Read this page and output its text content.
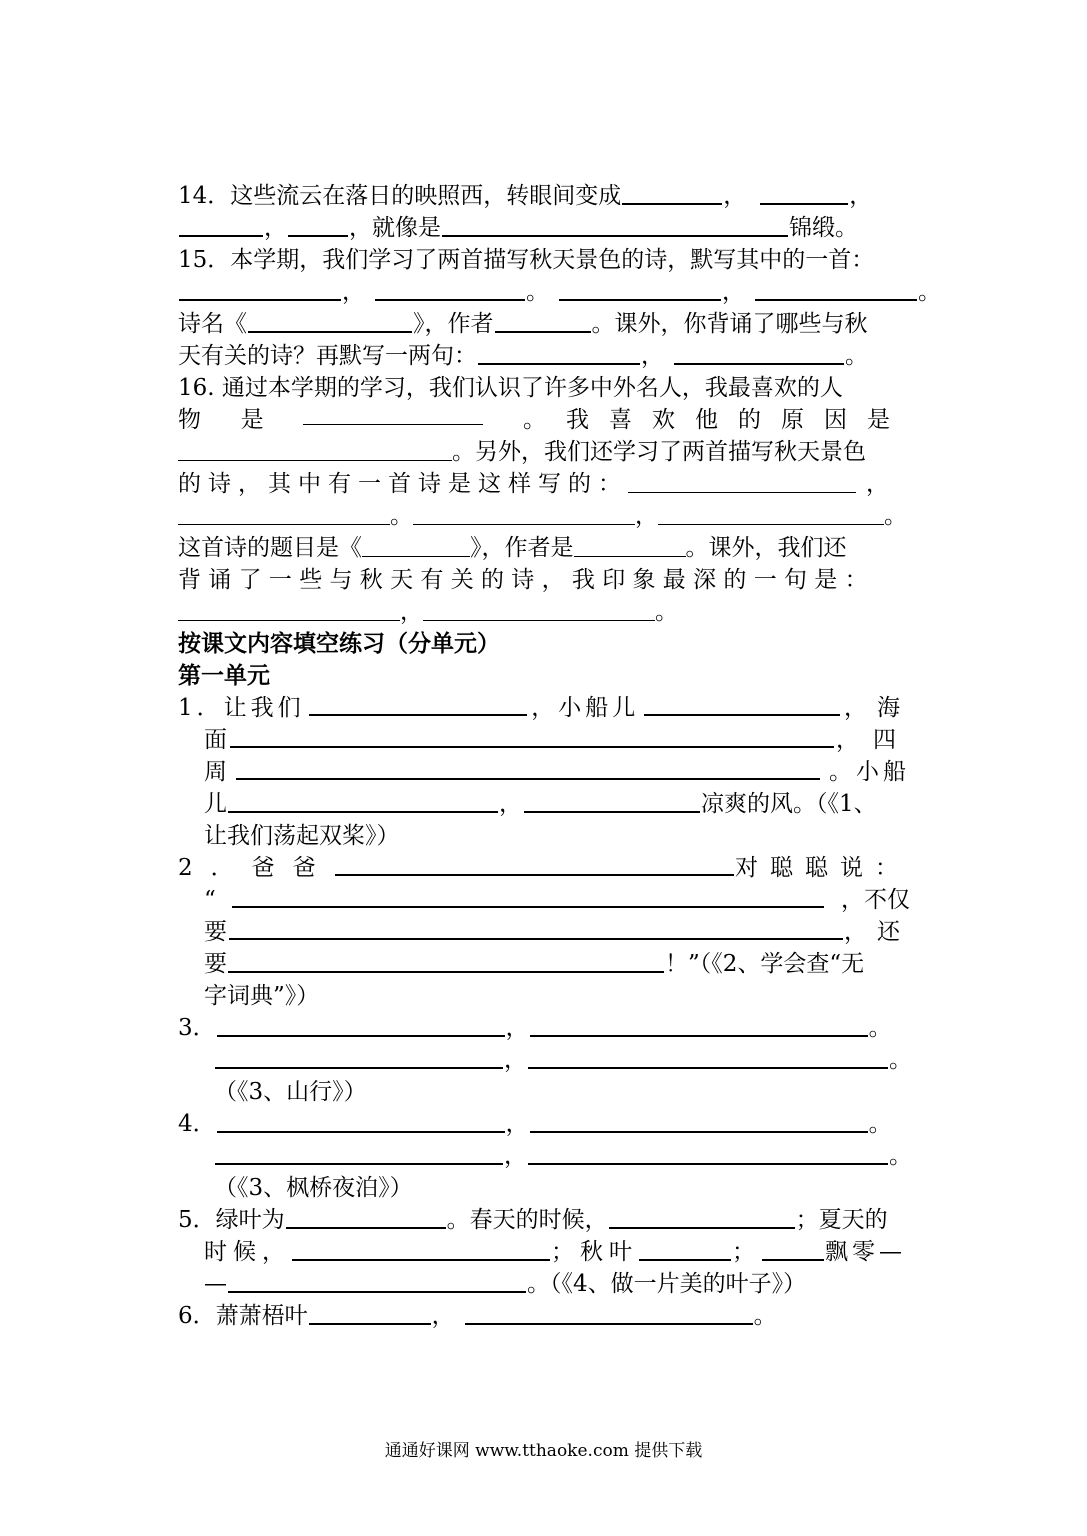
14．这些流云在落日的映照西，转眼间变成	，	，
，	，就像是	锦缎。
15．本学期，我们学习了两首描写秋天景色的诗，默写其中的一首：
，	。	，	。
诗名《	》，作者	。课外，你背诵了哪些与秋
天有关的诗？再默写一两句：	，	。
16. 通过本学期的学习，我们认识了许多中外名人，我最喜欢的人
物 是	。我喜欢他的原因是
。另外，我们还学习了两首描写秋天景色
的诗，其中有一首诗是这样写的：	，
。	，	。
这首诗的题目是《	》，作者是	。课外，我们还
背诵了一些与秋天有关的诗，我印象最深的一句是：
，	。
按课文内容填空练习（分单元）
第一单元
1．让我们	，小船儿	，海
面	，四
周	。小船
儿	，	凉爽的风。（《1、
让我们荡起双桨》）
2．爸爸	对聪聪说：
“	，不仅
要	，还
要	！”（《2、学会查“无
字词典”》）
3．	，	。
，	。
（《3、山行》）
4．	，	。
，	。
（《3、枫桥夜泊》）
5．绿叶为	。春天的时候，	；夏天的
时候，	；秋叶	；	飘零—
—	。（《4、做一片美的叶子》）
6．萧萧梧叶	，	。
通通好课网 www.tthaoke.com 提供下载
